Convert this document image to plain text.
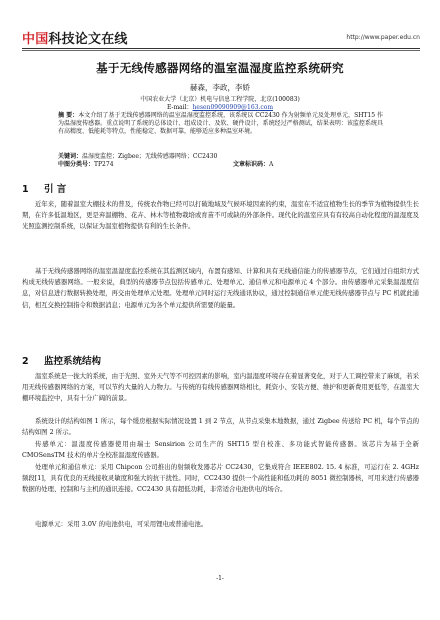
中国科技论文在线	http://www.paper.edu.cn
基于无线传感器网络的温室温湿度监控系统研究
赫森，李政，李娇
中国农业大学（北京）机电与信息工程学院，北京(100083)
E-mail：hesen09090909@163.com
摘 要：本文介绍了基于无线传感器网络的温室温湿度监控系统，该系统以 CC2430 作为射频单元及处理单元，SHT15 作为温湿度传感器。重点说明了系统的总体设计、组成设计、及软、硬件设计，系统经过严格测试，结果表明：该监控系统具有高精度、低能耗等特点，性能稳定、数据可靠，能够适应多种温室环境。
关键词：温湿度监控；Zigbee；无线传感器网络；CC2430
中图分类号：TP274	文章标识码：A
1 引 言
近年来，随着温室大棚技术的普及，传统农作物已经可以打破地域及气候环境因素的约束，温室在不适宜植物生长的季节为植物提供生长期，在许多低温地区，更是弃温棚物、花卉、林木等植物栽培或育苗不可或缺的外部条件。现代化的温室应具有有较高自动化程度的温湿度及光照监测控制系统，以保证为温室植物提供有利的生长条件。
基于无线传感器网络的温室温湿度监控系统在其监测区域内，布置有感知、计算和具有无线通信能力的传感器节点，它们通过自组织方式构成无线传感器网络。一般来说，典型的传感器节点包括传感单元、处理单元、通信单元和电源单元 4 个部分。由传感器单元采集温湿度信息，对信息进行数据转换处理，再交由处理单元处理。处理单元同时运行无线通讯协议，通过控制通信单元使无线传感器节点与 PC 机就此通信，相互交换控制指令和数据消息；电源单元为各个单元提供所需要的能量。
2 监控系统结构
温室系统是一拢大的系统，由于光照、室外天气等不可控因素的影响，室内温湿度环境存在着显著变化，对于人工调控带来了麻烦，若采用无线传感器网络的方案，可以节约大量的人力物力。与传统的有线传感器网络相比，耗资小、安装方便、维护和更新费用更低等，在温室大棚环境监控中，具有十分广阔的前景。
系统设计的结构如图 1 所示，每个缓房根据实际情况设置 1 到 2 节点，从节点采集本地数据，通过 Zigbee 传送给 PC 机，每个节点的结构如图 2 所示。
传感单元：温湿度传感器使用由瑞士 Sensirion 公司生产的 SHT15 型自校准、多功能式智能传感器。该芯片为基于全新 CMOSensTM 技术的单片全校准温湿度传感器。
处理单元和通信单元：采用 Chipcon 公司推出的射频收发器芯片 CC2430，它集成符合 IEEE802. 15. 4 标准，可运行在 2. 4GHz 频段[1]，具有优良的无线接收灵敏度和强大的抗干扰性。同时，CC2430 提供一个高性能和低功耗的 8051 微控制器核，可用来进行传感器数据的处理、控制和与主机的通讯连接。CC2430 具有超低功耗，非常适合电池供电的场合。
电源单元：采用 3.0V 的电池供电，可采用锂电或普通电池。
-1-
